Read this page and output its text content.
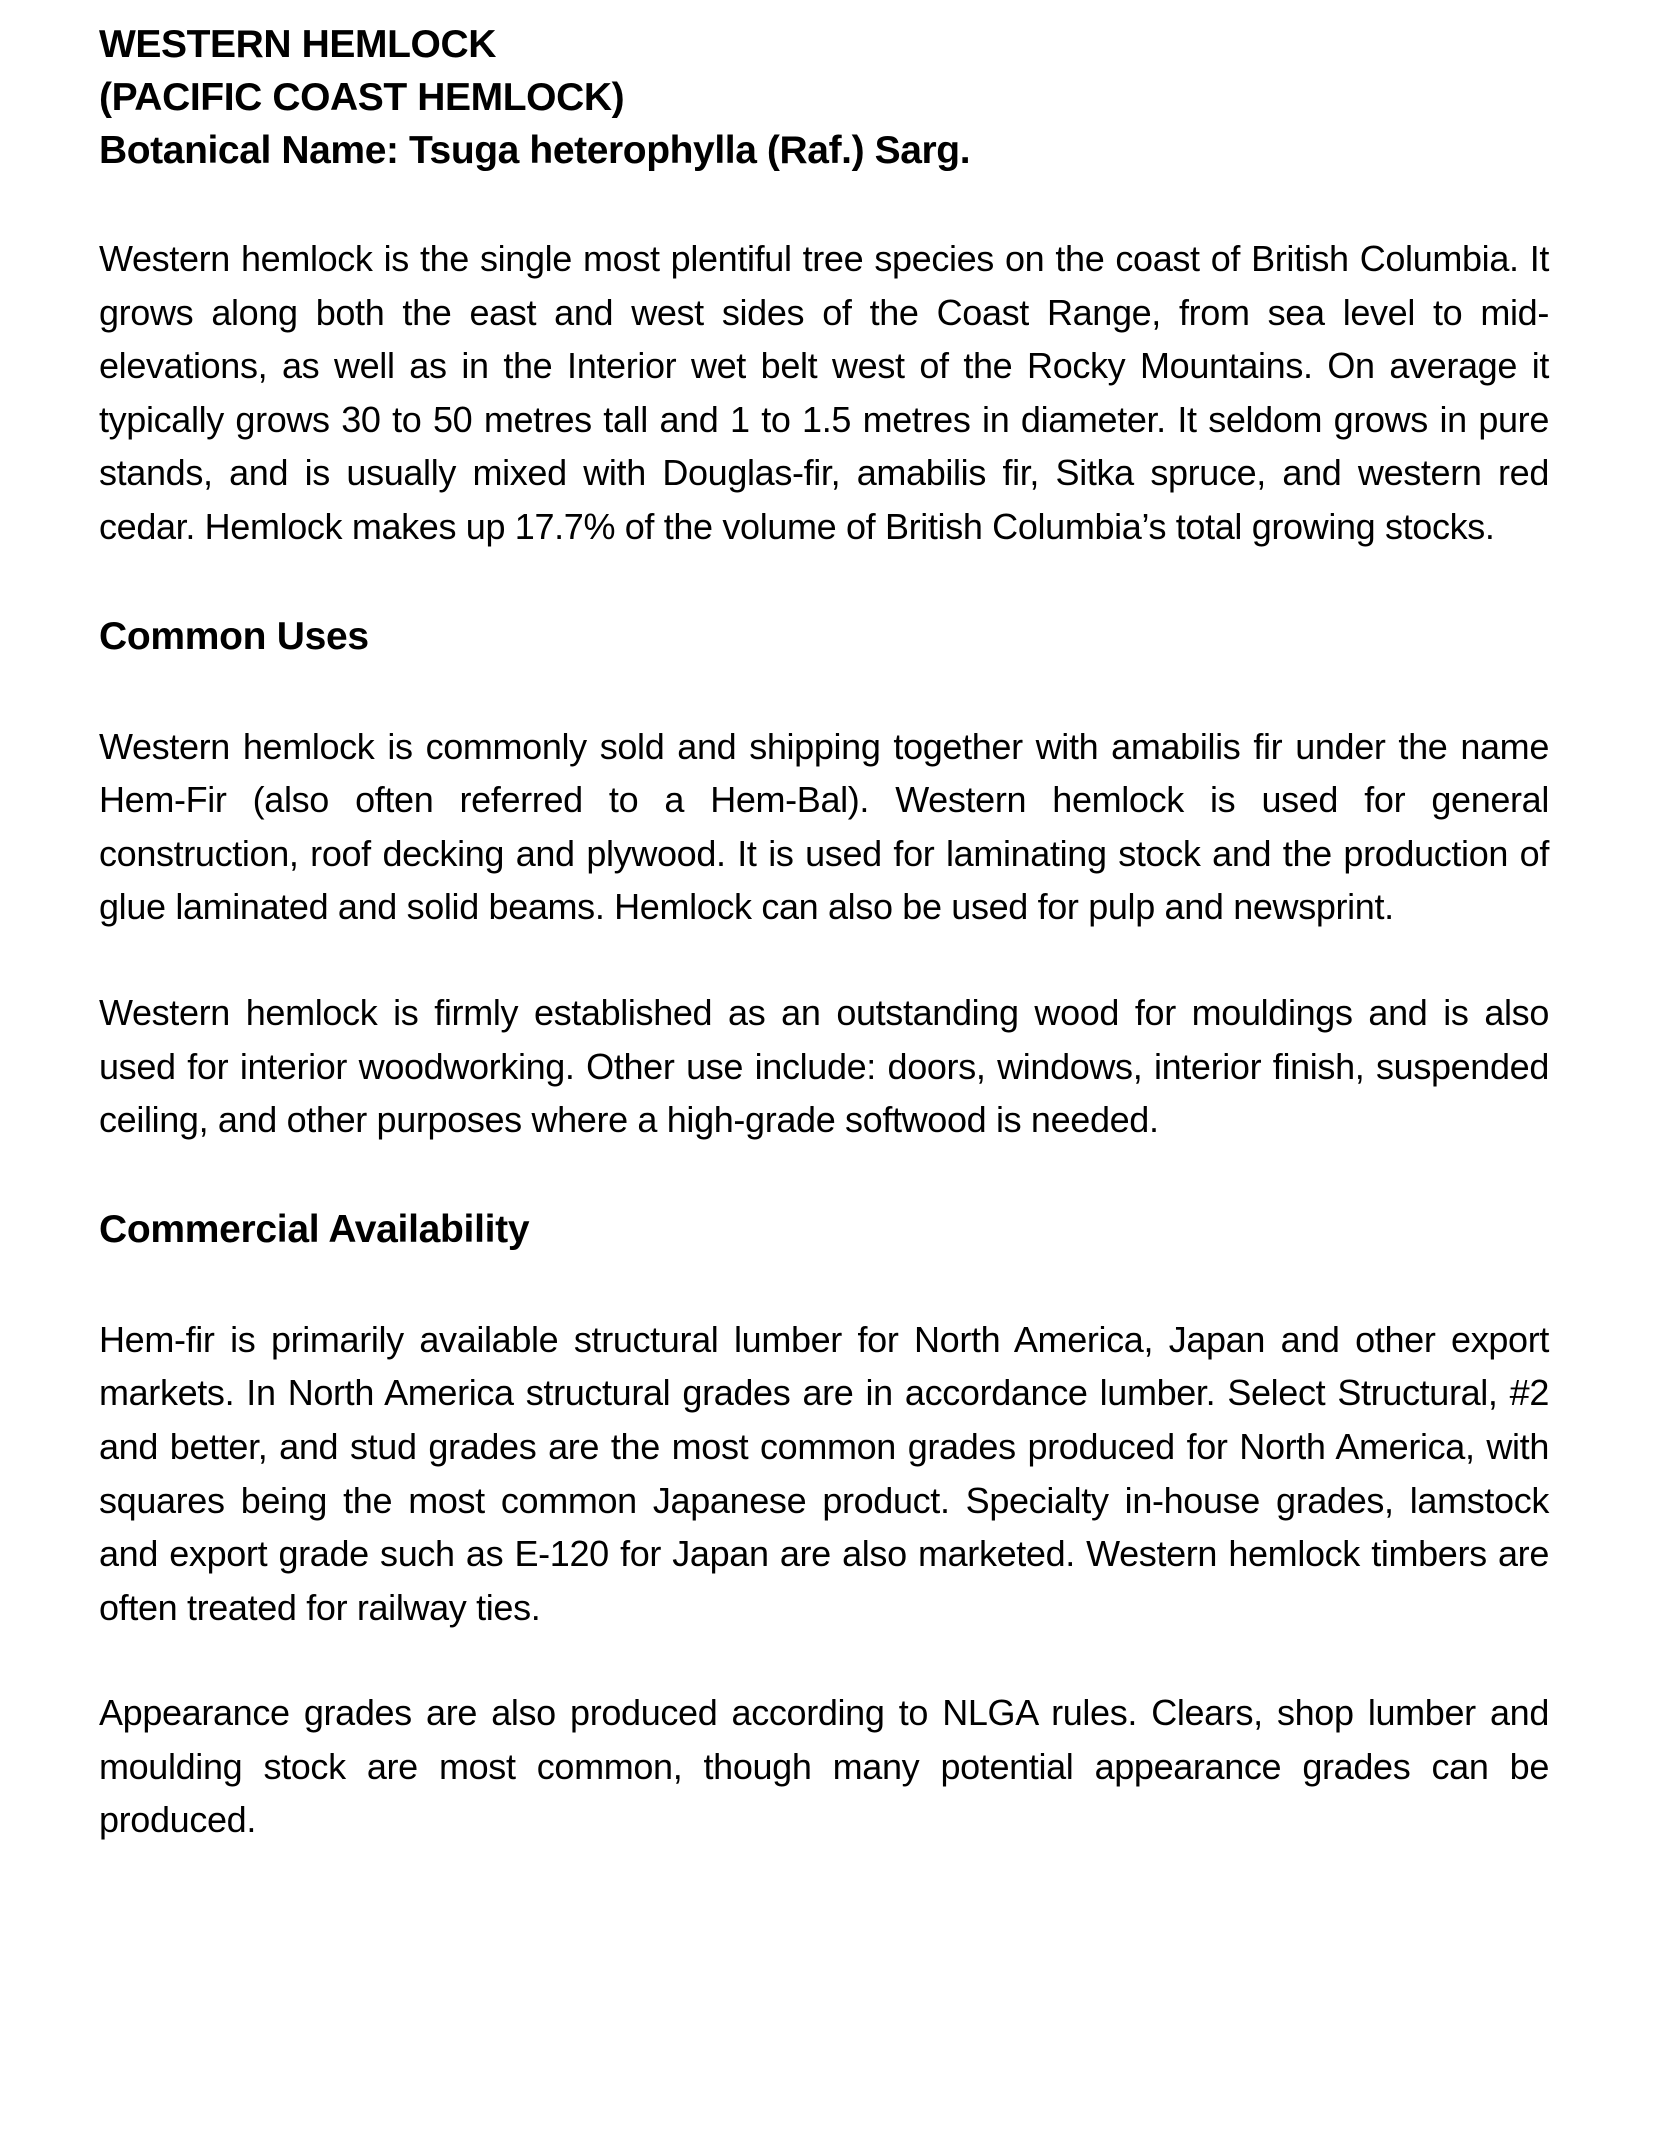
WESTERN HEMLOCK
(PACIFIC COAST HEMLOCK)
Botanical Name: Tsuga heterophylla (Raf.) Sarg.

Western hemlock is the single most plentiful tree species on the coast of British Columbia. It grows along both the east and west sides of the Coast Range, from sea level to mid-elevations, as well as in the Interior wet belt west of the Rocky Mountains. On average it typically grows 30 to 50 metres tall and 1 to 1.5 metres in diameter. It seldom grows in pure stands, and is usually mixed with Douglas-fir, amabilis fir, Sitka spruce, and western red cedar. Hemlock makes up 17.7% of the volume of British Columbia’s total growing stocks.

Common Uses

Western hemlock is commonly sold and shipping together with amabilis fir under the name Hem-Fir (also often referred to a Hem-Bal). Western hemlock is used for general construction, roof decking and plywood. It is used for laminating stock and the production of glue laminated and solid beams. Hemlock can also be used for pulp and newsprint.

Western hemlock is firmly established as an outstanding wood for mouldings and is also used for interior woodworking. Other use include: doors, windows, interior finish, suspended ceiling, and other purposes where a high-grade softwood is needed.

Commercial Availability

Hem-fir is primarily available structural lumber for North America, Japan and other export markets. In North America structural grades are in accordance lumber. Select Structural, #2 and better, and stud grades are the most common grades produced for North America, with squares being the most common Japanese product. Specialty in-house grades, lamstock and export grade such as E-120 for Japan are also marketed. Western hemlock timbers are often treated for railway ties.

Appearance grades are also produced according to NLGA rules. Clears, shop lumber and moulding stock are most common, though many potential appearance grades can be produced.
